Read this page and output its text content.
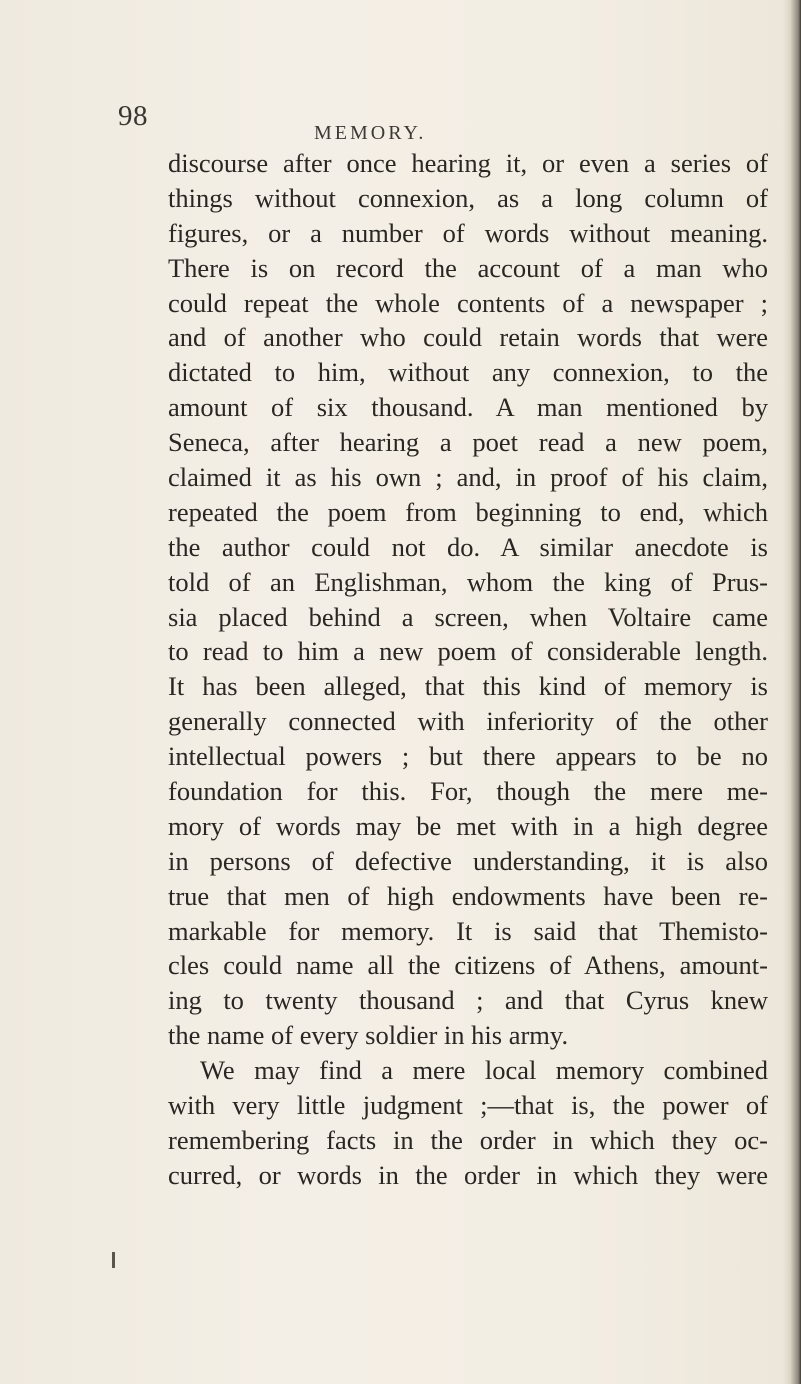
98
MEMORY.
discourse after once hearing it, or even a series of
things without connexion, as a long column of
figures, or a number of words without meaning.
There is on record the account of a man who
could repeat the whole contents of a newspaper ;
and of another who could retain words that were
dictated to him, without any connexion, to the
amount of six thousand. A man mentioned by
Seneca, after hearing a poet read a new poem,
claimed it as his own ; and, in proof of his claim,
repeated the poem from beginning to end, which
the author could not do. A similar anecdote is
told of an Englishman, whom the king of Prus-
sia placed behind a screen, when Voltaire came
to read to him a new poem of considerable length.
It has been alleged, that this kind of memory is
generally connected with inferiority of the other
intellectual powers ; but there appears to be no
foundation for this. For, though the mere me-
mory of words may be met with in a high degree
in persons of defective understanding, it is also
true that men of high endowments have been re-
markable for memory. It is said that Themisto-
cles could name all the citizens of Athens, amount-
ing to twenty thousand ; and that Cyrus knew
the name of every soldier in his army.
We may find a mere local memory combined
with very little judgment ;—that is, the power of
remembering facts in the order in which they oc-
curred, or words in the order in which they were
